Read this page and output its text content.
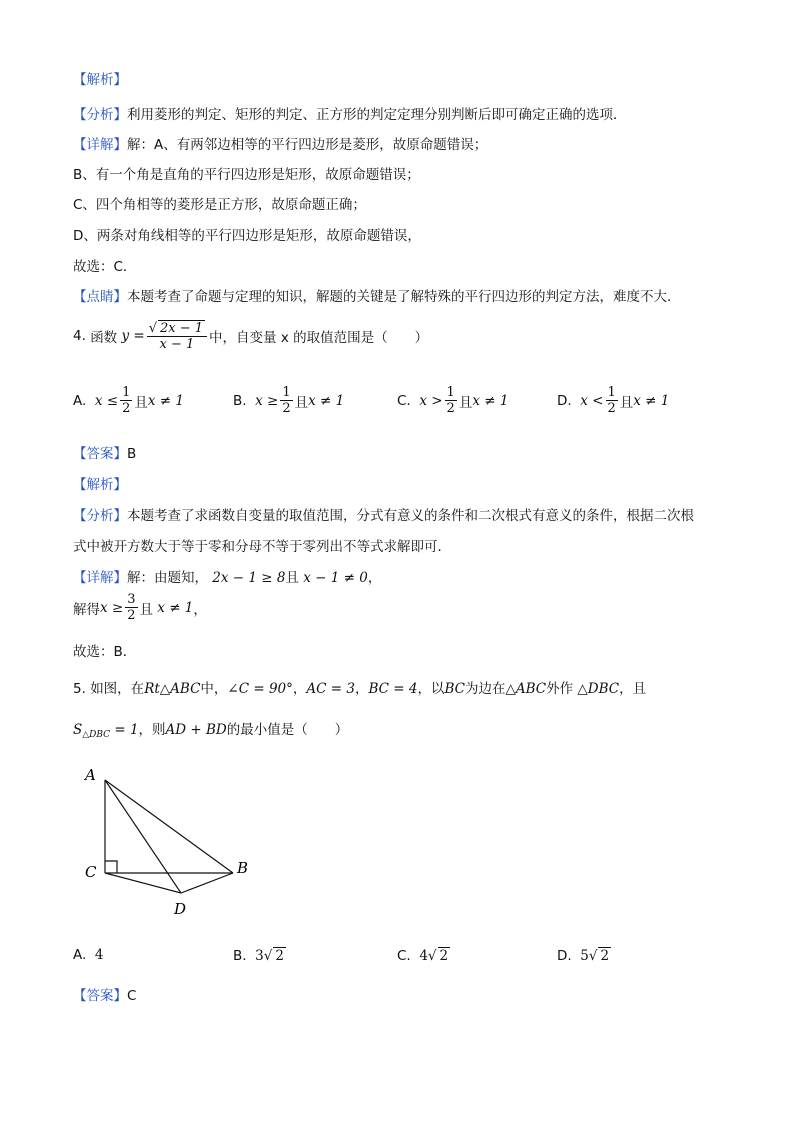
【解析】
【分析】利用菱形的判定、矩形的判定、正方形的判定定理分别判断后即可确定正确的选项．
【详解】解：A、有两邻边相等的平行四边形是菱形，故原命题错误；
B、有一个角是直角的平行四边形是矩形，故原命题错误；
C、四个角相等的菱形是正方形，故原命题正确；
D、两条对角线相等的平行四边形是矩形，故原命题错误，
故选：C．
【点睛】本题考查了命题与定理的知识，解题的关键是了解特殊的平行四边形的判定方法，难度不大．
4.
函数
$y = \frac{√ 2x - 1}{x - 1}$ 中，自变量 x 的取值范围是（　　）
A.
$x \le \frac{1}{2}$ 且 x ≠ 1	B.
$x \ge \frac{1}{2}$ 且 x ≠ 1	C.
$x > \frac{1}{2}$ 且 x ≠ 1	D.
$x < \frac{1}{2}$ 且 x ≠ 1
【答案】B
【解析】
【分析】本题考查了求函数自变量的取值范围，分式有意义的条件和二次根式有意义的条件，根据二次根
式中被开方数大于等于零和分母不等于零列出不等式求解即可．
【详解】解：由题知， 2x − 1 ≥ 8且 x − 1 ≠ 0，
解得 $x \ge \frac{3}{2}$ 且
x ≠ 1 ，
故选：B．
5. 如图，在Rt△ABC中，∠C = 90°，AC = 3，BC = 4，以BC为边在△ABC外作 △DBC，且
$S_{\triangle DBC} = 1$，则AD + BD的最小值是（　　）
A
C	B
D
A. 4	B. 3√ 2	C. 4√ 2	D. 5√ 2
【答案】C
